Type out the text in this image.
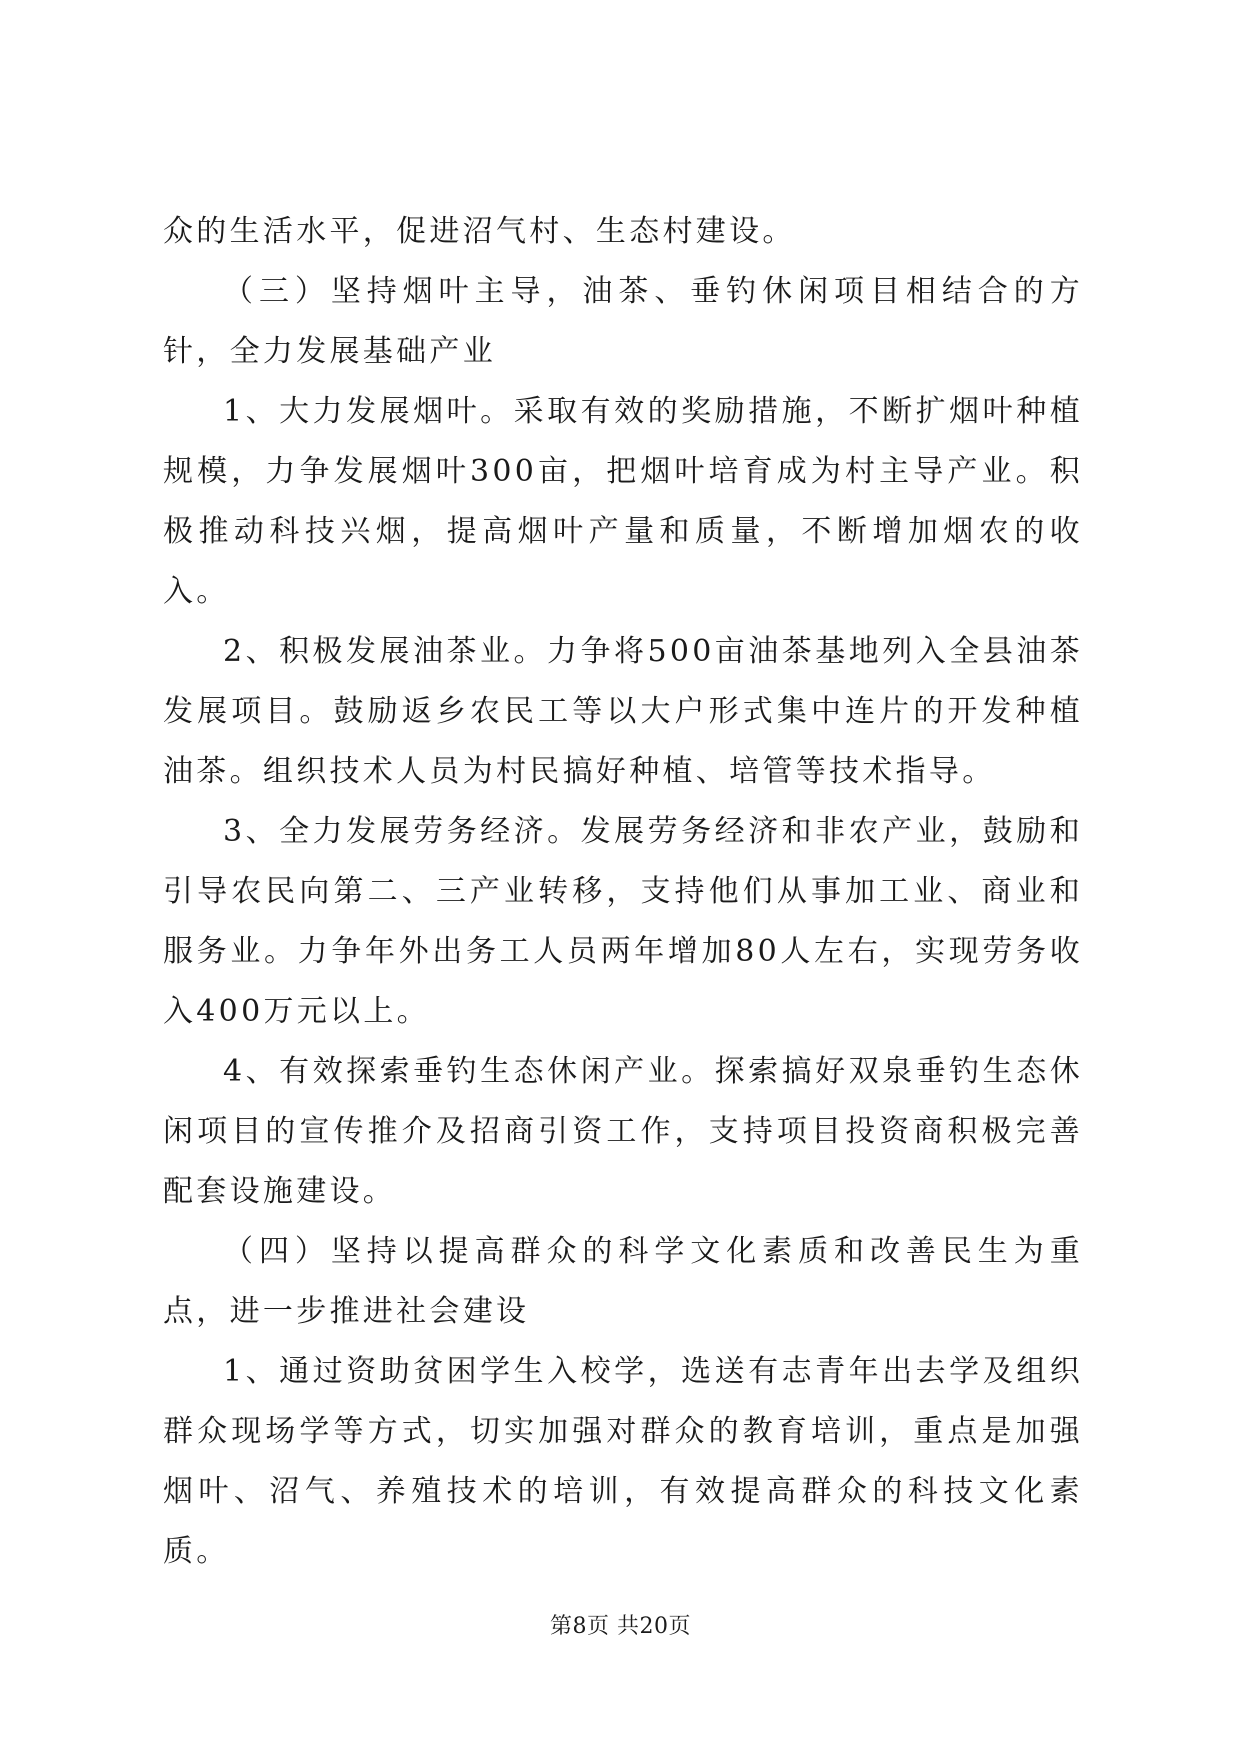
众的生活水平，促进沼气村、生态村建设。

（三）坚持烟叶主导，油茶、垂钓休闲项目相结合的方针，全力发展基础产业

1、大力发展烟叶。采取有效的奖励措施，不断扩烟叶种植规模，力争发展烟叶300亩，把烟叶培育成为村主导产业。积极推动科技兴烟，提高烟叶产量和质量，不断增加烟农的收入。

2、积极发展油茶业。力争将500亩油茶基地列入全县油茶发展项目。鼓励返乡农民工等以大户形式集中连片的开发种植油茶。组织技术人员为村民搞好种植、培管等技术指导。

3、全力发展劳务经济。发展劳务经济和非农产业，鼓励和引导农民向第二、三产业转移，支持他们从事加工业、商业和服务业。力争年外出务工人员两年增加80人左右，实现劳务收入400万元以上。

4、有效探索垂钓生态休闲产业。探索搞好双泉垂钓生态休闲项目的宣传推介及招商引资工作，支持项目投资商积极完善配套设施建设。

（四）坚持以提高群众的科学文化素质和改善民生为重点，进一步推进社会建设

1、通过资助贫困学生入校学，选送有志青年出去学及组织群众现场学等方式，切实加强对群众的教育培训，重点是加强烟叶、沼气、养殖技术的培训，有效提高群众的科技文化素质。

第8页 共20页
